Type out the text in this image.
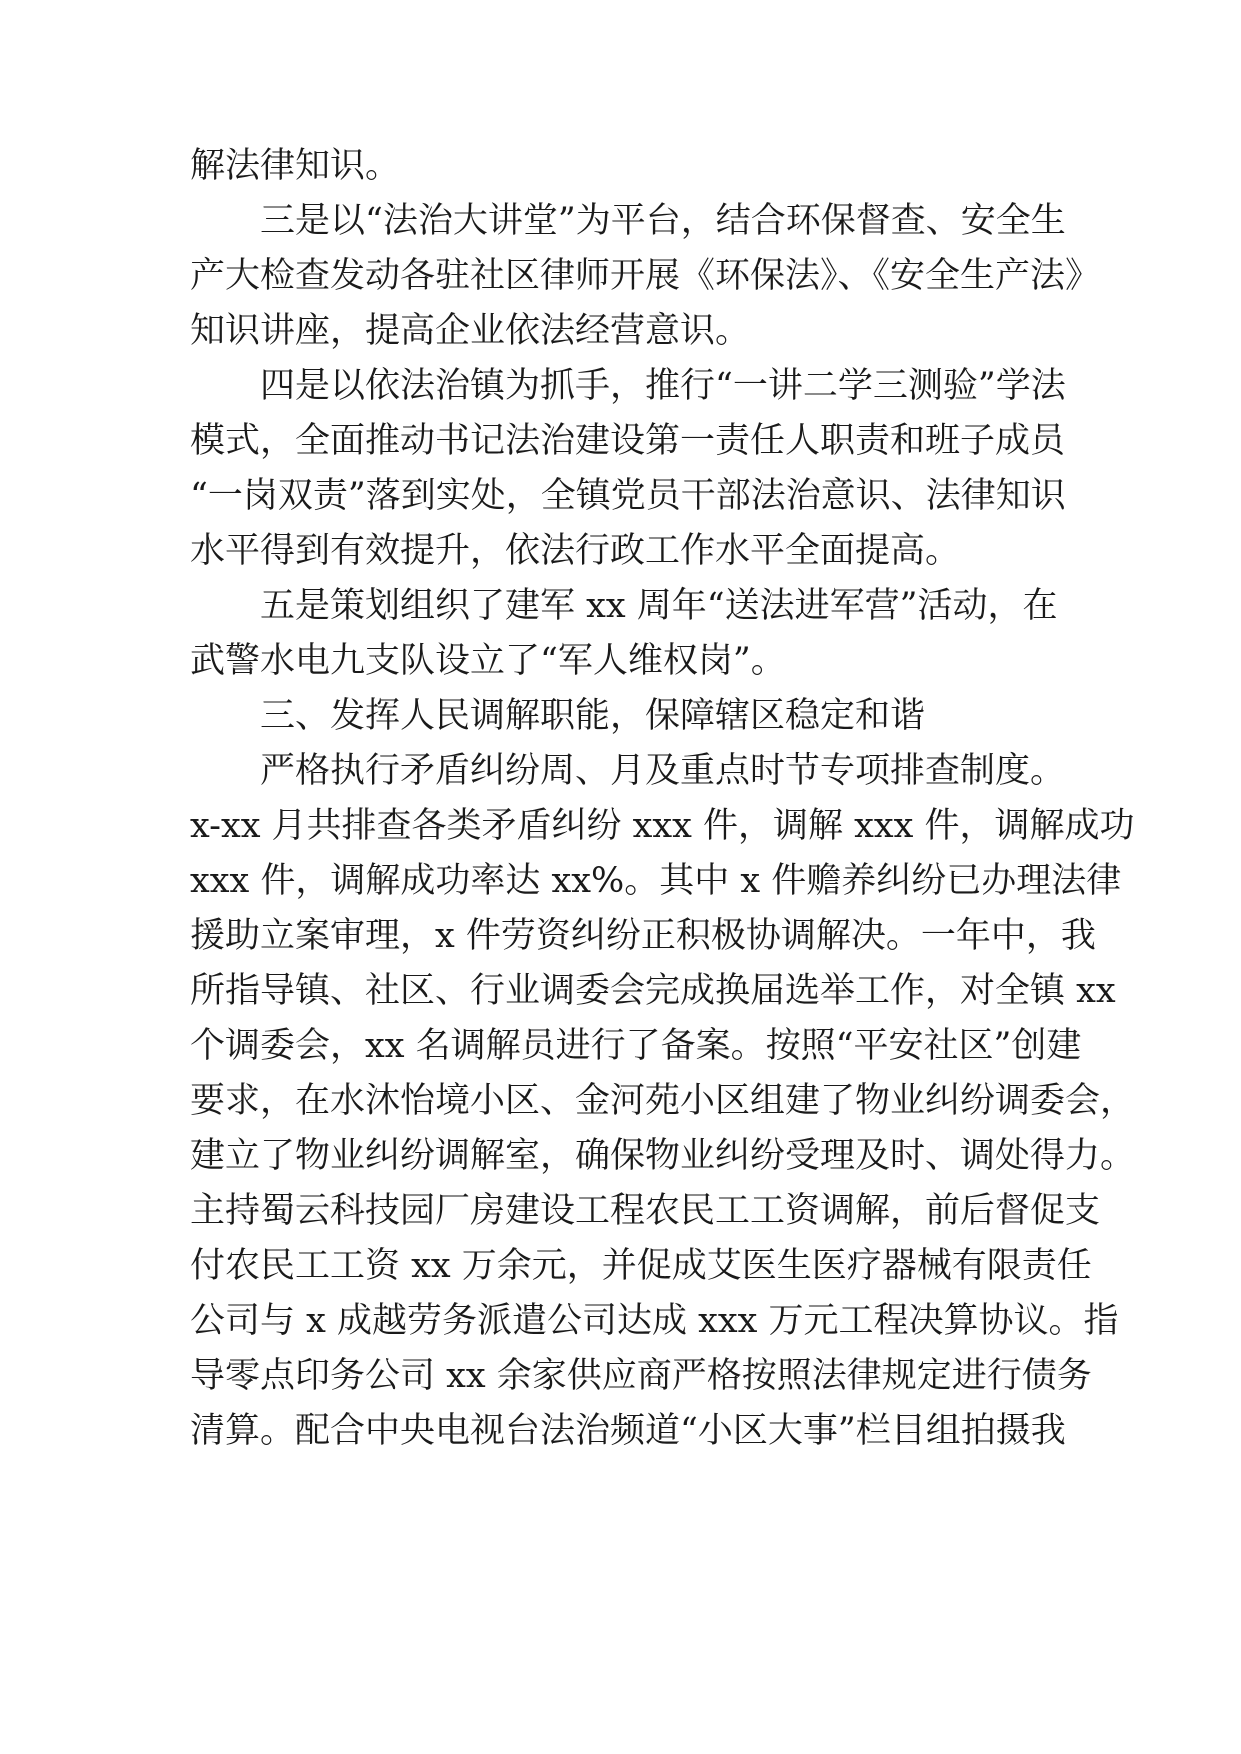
解法律知识。
三是以“法治大讲堂”为平台，结合环保督查、安全生
产大检查发动各驻社区律师开展《环保法》、《安全生产法》
知识讲座，提高企业依法经营意识。
四是以依法治镇为抓手，推行“一讲二学三测验”学法
模式，全面推动书记法治建设第一责任人职责和班子成员
“一岗双责”落到实处，全镇党员干部法治意识、法律知识
水平得到有效提升，依法行政工作水平全面提高。
五是策划组织了建军 xx 周年“送法进军营”活动，在
武警水电九支队设立了“军人维权岗”。
三、发挥人民调解职能，保障辖区稳定和谐
严格执行矛盾纠纷周、月及重点时节专项排查制度。
x-xx 月共排查各类矛盾纠纷 xxx 件，调解 xxx 件，调解成功
xxx 件，调解成功率达 xx%。其中 x 件赡养纠纷已办理法律
援助立案审理，x 件劳资纠纷正积极协调解决。一年中，我
所指导镇、社区、行业调委会完成换届选举工作，对全镇 xx
个调委会，xx 名调解员进行了备案。按照“平安社区”创建
要求，在水沐怡境小区、金河苑小区组建了物业纠纷调委会，
建立了物业纠纷调解室，确保物业纠纷受理及时、调处得力。
主持蜀云科技园厂房建设工程农民工工资调解，前后督促支
付农民工工资 xx 万余元，并促成艾医生医疗器械有限责任
公司与 x 成越劳务派遣公司达成 xxx 万元工程决算协议。指
导零点印务公司 xx 余家供应商严格按照法律规定进行债务
清算。配合中央电视台法治频道“小区大事”栏目组拍摄我
